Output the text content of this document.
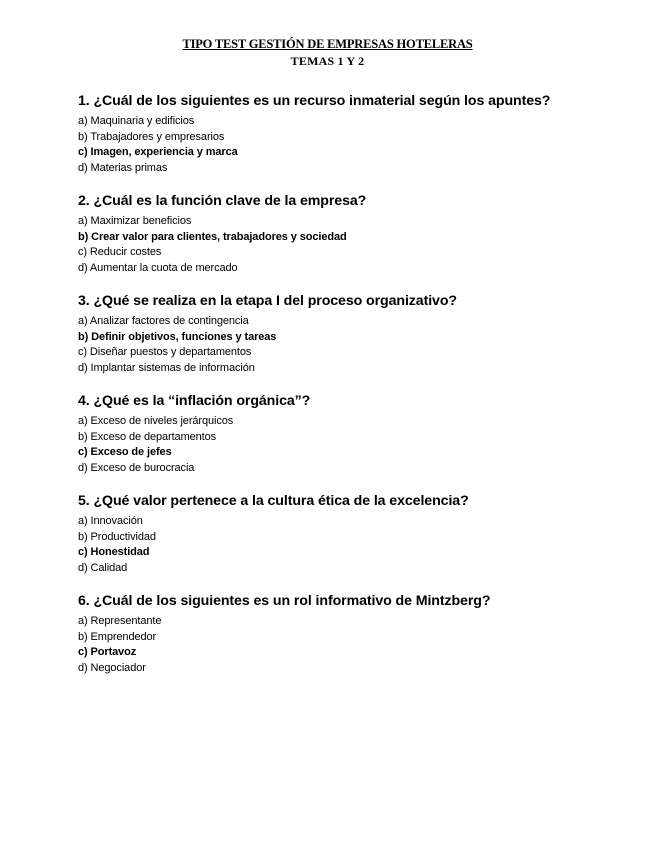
TIPO TEST GESTIÓN DE EMPRESAS HOTELERAS
TEMAS 1 Y 2
1. ¿Cuál de los siguientes es un recurso inmaterial según los apuntes?
a) Maquinaria y edificios
b) Trabajadores y empresarios
c) Imagen, experiencia y marca
d) Materias primas
2. ¿Cuál es la función clave de la empresa?
a) Maximizar beneficios
b) Crear valor para clientes, trabajadores y sociedad
c) Reducir costes
d) Aumentar la cuota de mercado
3. ¿Qué se realiza en la etapa I del proceso organizativo?
a) Analizar factores de contingencia
b) Definir objetivos, funciones y tareas
c) Diseñar puestos y departamentos
d) Implantar sistemas de información
4. ¿Qué es la “inflación orgánica”?
a) Exceso de niveles jerárquicos
b) Exceso de departamentos
c) Exceso de jefes
d) Exceso de burocracia
5. ¿Qué valor pertenece a la cultura ética de la excelencia?
a) Innovación
b) Productividad
c) Honestidad
d) Calidad
6. ¿Cuál de los siguientes es un rol informativo de Mintzberg?
a) Representante
b) Emprendedor
c) Portavoz
d) Negociador
